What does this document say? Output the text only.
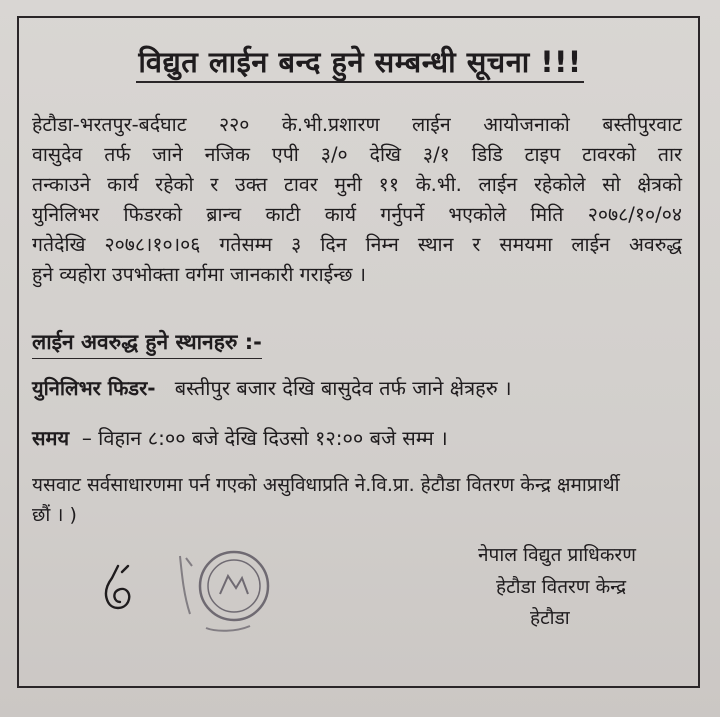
विद्युत लाईन बन्द हुने सम्बन्धी सूचना !!!
हेटौडा-भरतपुर-बर्दघाट २२० के.भी.प्रशारण लाईन आयोजनाको बस्तीपुरवाट
वासुदेव तर्फ जाने नजिक एपी ३/० देखि ३/१ डिडि टाइप टावरको तार
तन्काउने कार्य रहेको र उक्त टावर मुनी ११ के.भी. लाईन रहेकोले सो क्षेत्रको
युनिलिभर फिडरको ब्रान्च काटी कार्य गर्नुपर्ने भएकोले मिति २०७८/१०/०४
गतेदेखि २०७८।१०।०६ गतेसम्म ३ दिन निम्न स्थान र समयमा लाईन अवरुद्ध
हुने व्यहोरा उपभोक्ता वर्गमा जानकारी गराईन्छ ।
लाईन अवरुद्ध हुने स्थानहरु :-
युनिलिभर फिडर- बस्तीपुर बजार देखि बासुदेव तर्फ जाने क्षेत्रहरु ।
समय – विहान ८:०० बजे देखि दिउसो १२:०० बजे सम्म ।
यसवाट सर्वसाधारणमा पर्न गएको असुविधाप्रति ने.वि.प्रा. हेटौडा वितरण केन्द्र क्षमाप्रार्थी
छौं । )
नेपाल विद्युत प्राधिकरण
हेटौडा वितरण केन्द्र
हेटौडा
